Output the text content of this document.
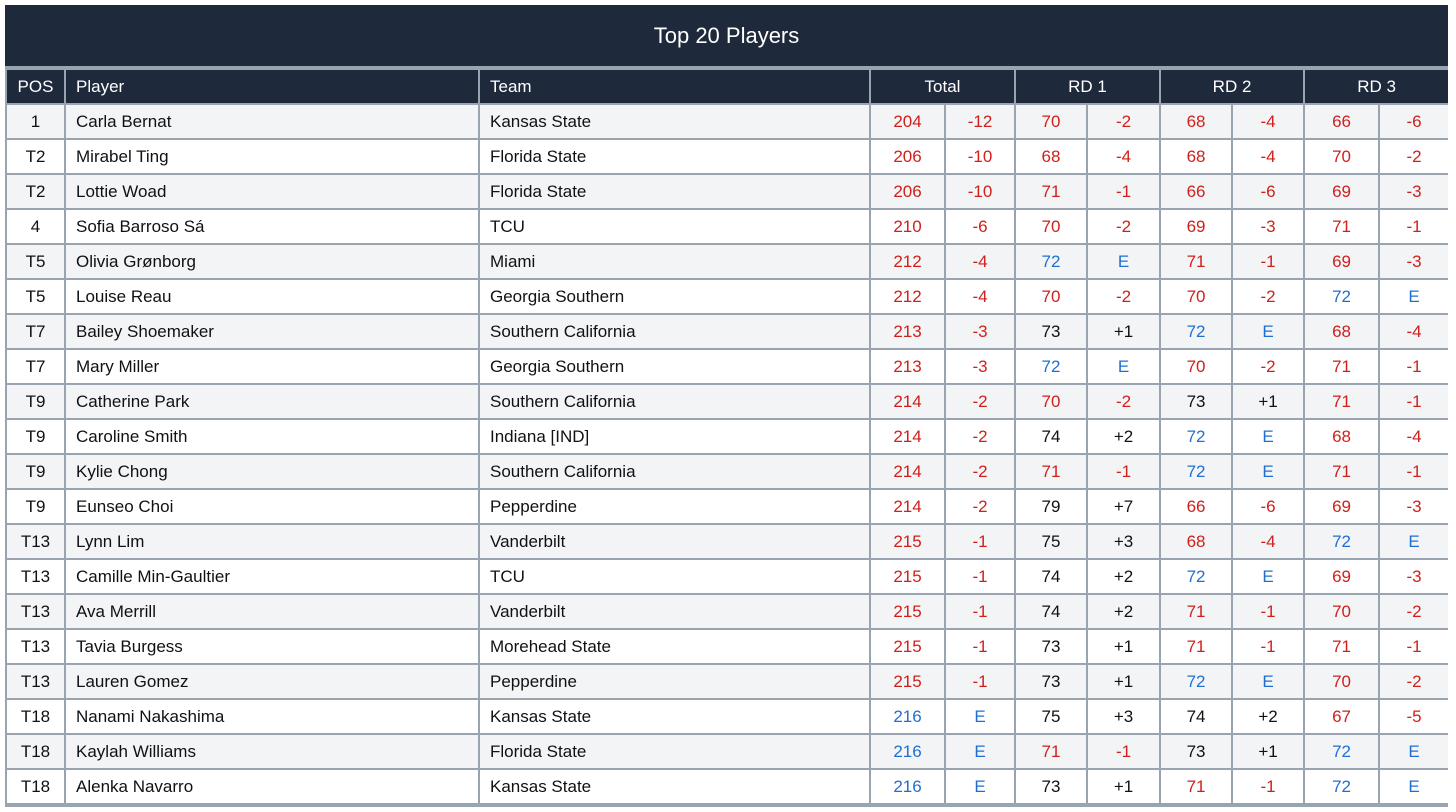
Top 20 Players
POS	Player	Team	Total		RD 1		RD 2		RD 3	
1	Carla Bernat	Kansas State	204	-12	70	-2	68	-4	66	-6
T2	Mirabel Ting	Florida State	206	-10	68	-4	68	-4	70	-2
T2	Lottie Woad	Florida State	206	-10	71	-1	66	-6	69	-3
4	Sofia Barroso Sá	TCU	210	-6	70	-2	69	-3	71	-1
T5	Olivia Grønborg	Miami	212	-4	72	E	71	-1	69	-3
T5	Louise Reau	Georgia Southern	212	-4	70	-2	70	-2	72	E
T7	Bailey Shoemaker	Southern California	213	-3	73	+1	72	E	68	-4
T7	Mary Miller	Georgia Southern	213	-3	72	E	70	-2	71	-1
T9	Catherine Park	Southern California	214	-2	70	-2	73	+1	71	-1
T9	Caroline Smith	Indiana [IND]	214	-2	74	+2	72	E	68	-4
T9	Kylie Chong	Southern California	214	-2	71	-1	72	E	71	-1
T9	Eunseo Choi	Pepperdine	214	-2	79	+7	66	-6	69	-3
T13	Lynn Lim	Vanderbilt	215	-1	75	+3	68	-4	72	E
T13	Camille Min-Gaultier	TCU	215	-1	74	+2	72	E	69	-3
T13	Ava Merrill	Vanderbilt	215	-1	74	+2	71	-1	70	-2
T13	Tavia Burgess	Morehead State	215	-1	73	+1	71	-1	71	-1
T13	Lauren Gomez	Pepperdine	215	-1	73	+1	72	E	70	-2
T18	Nanami Nakashima	Kansas State	216	E	75	+3	74	+2	67	-5
T18	Kaylah Williams	Florida State	216	E	71	-1	73	+1	72	E
T18	Alenka Navarro	Kansas State	216	E	73	+1	71	-1	72	E
